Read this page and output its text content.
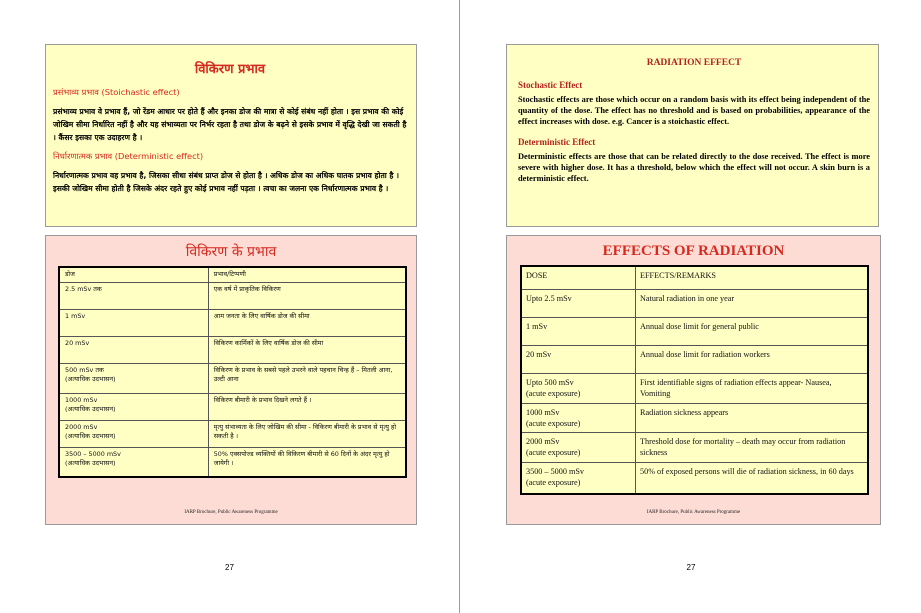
विकिरण प्रभाव
प्रसंभाव्य प्रभाव (Stoichastic effect)
प्रसंभाव्य प्रभाव वे प्रभाव हैं, जो रेंडम आधार पर होते हैं और इनका डोज की मात्रा से कोई संबंध नहीं होता । इस प्रभाव की कोई जोखिम सीमा निर्धारित नहीं है और यह संभाव्यता पर निर्भर रहता है तथा डोज के बढ़ने से इसके प्रभाव में वृद्धि देखी जा सकती है । कैंसर इसका एक उदाहरण है ।
निर्धारणात्मक प्रभाव (Deterministic effect)
निर्धारणात्मक प्रभाव वह प्रभाव है, जिसका सीधा संबंध प्राप्त डोज से होता है । अधिक डोज का अधिक घातक प्रभाव होता है । इसकी जोखिम सीमा होती है जिसके अंदर रहते हुए कोई प्रभाव नहीं पड़ता । त्वचा का जलना एक निर्धारणात्मक प्रभाव है ।
विकिरण के प्रभाव
डोज	प्रभाव/टिप्पणी
2.5 mSv तक	एक वर्ष में प्राकृतिक विकिरण
1 mSv	आम जनता के लिए वार्षिक डोज की सीमा
20 mSv	विकिरण कार्मिकों के लिए वार्षिक डोज की सीमा
500 mSv तक
(अत्याधिक उदभासन)	विकिरण के प्रभाव के सबसे पहले उभरने वाले पहचान चिन्ह हैं – मितली आना, उल्टी आना
1000 mSv
(अत्याधिक उदभासन)	विकिरण बीमारी के प्रभाव दिखने लगते हैं ।
2000 mSv
(अत्याधिक उदभासन)	मृत्यु संभाव्यता के लिए जोखिम की सीमा - विकिरण बीमारी के प्रभाव से मृत्यु हो सकती है ।
3500 – 5000 mSv
(अत्याधिक उदभासन)	50% एक्सपोज्ड व्यक्तियों की विकिरण बीमारी से 60 दिनों के अंदर मृत्यु हो जायेगी ।
IARP Brochure, Public Awareness Programme
27
RADIATION EFFECT
Stochastic Effect
Stochastic effects are those which occur on a random basis with its effect being independent of the quantity of the dose. The effect has no threshold and is based on probabilities, appearance of the effect increases with dose. e.g. Cancer is a stoichastic effect.
Deterministic Effect
Deterministic effects are those that can be related directly to the dose received. The effect is more severe with higher dose. It has a threshold, below which the effect will not occur. A skin burn is a deterministic effect.
EFFECTS OF RADIATION
DOSE	EFFECTS/REMARKS
Upto 2.5 mSv	Natural radiation in one year
1 mSv	Annual dose limit for general public
20 mSv	Annual dose limit for radiation workers
Upto 500 mSv
(acute exposure)	First identifiable signs of radiation effects appear- Nausea, Vomiting
1000 mSv
(acute exposure)	Radiation sickness appears
2000 mSv
(acute exposure)	Threshold dose for mortality – death may occur from radiation sickness
3500 – 5000 mSv
(acute exposure)	50% of exposed persons will die of radiation sickness, in 60 days
IARP Brochure, Public Awareness Programme
27
